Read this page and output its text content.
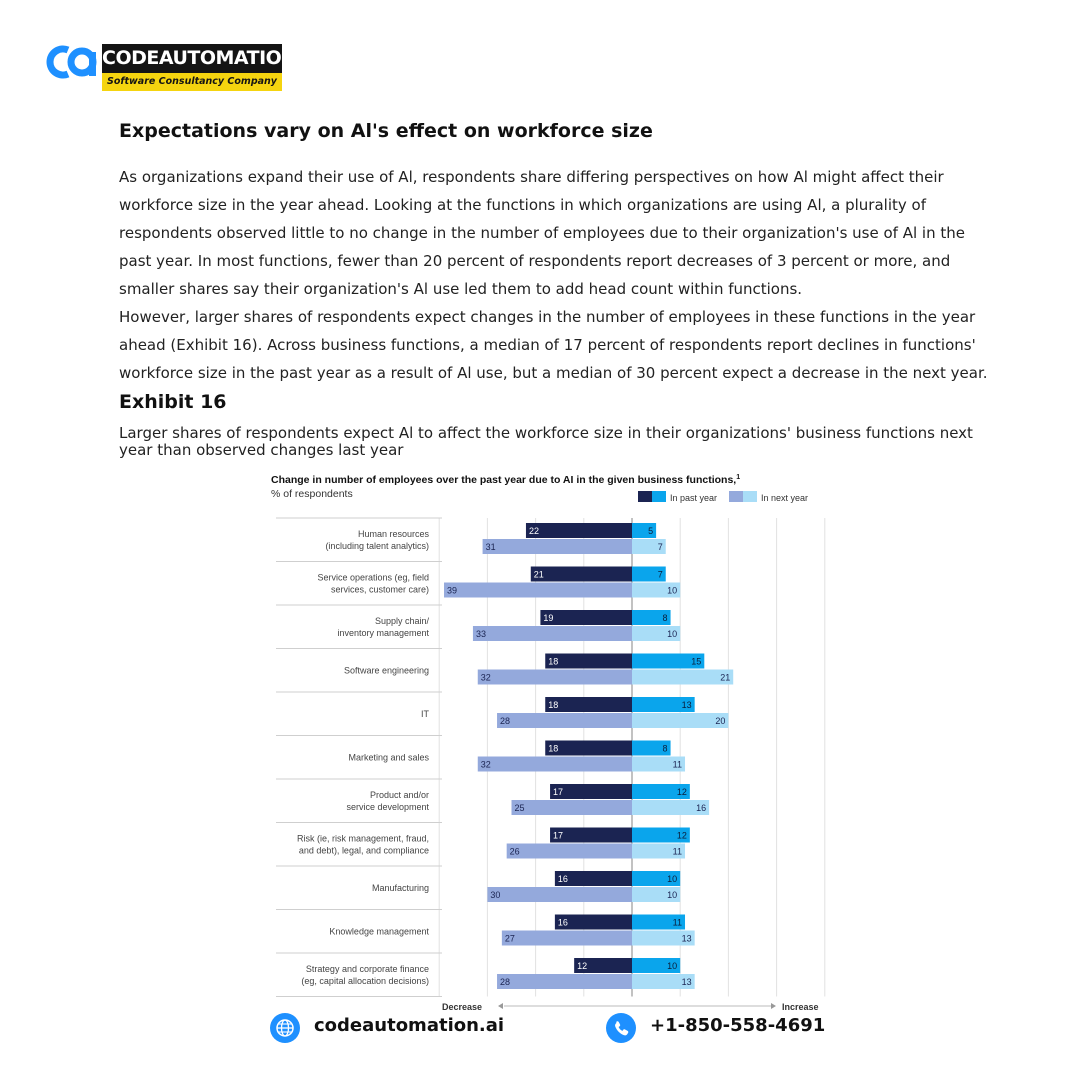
CODEAUTOMATION
Software Consultancy Company
Expectations vary on Al's effect on workforce size

As organizations expand their use of Al, respondents share differing perspectives on how Al might affect their workforce size in the year ahead. Looking at the functions in which organizations are using Al, a plurality of respondents observed little to no change in the number of employees due to their organization's use of Al in the past year. In most functions, fewer than 20 percent of respondents report decreases of 3 percent or more, and smaller shares say their organization's Al use led them to add head count within functions.

However, larger shares of respondents expect changes in the number of employees in these functions in the year ahead (Exhibit 16). Across business functions, a median of 17 percent of respondents report declines in functions' workforce size in the past year as a result of Al use, but a median of 30 percent expect a decrease in the next year.

Exhibit 16
Larger shares of respondents expect Al to affect the workforce size in their organizations' business functions next year than observed changes last year
Change in number of employees over the past year due to AI in the given business functions,$^1$
% of respondents	In past year	In next year
Human resources
(including talent analytics)
22	5
31	7
Service operations (eg, field
services, customer care)
21	7
39	10
Supply chain/
inventory management
19	8
33	10
Software engineering
18	15
32	21
IT
18	13
28	20
Marketing and sales
18	8
32	11
Product and/or
service development
17	12
25	16
Risk (ie, risk management, fraud,
and debt), legal, and compliance
17	12
26	11
Manufacturing
16	10
30	10
Knowledge management
16	11
27	13
Strategy and corporate finance
(eg, capital allocation decisions)
12	10
28	13
Decrease	Increase
codeautomation.ai	+1-850-558-4691
